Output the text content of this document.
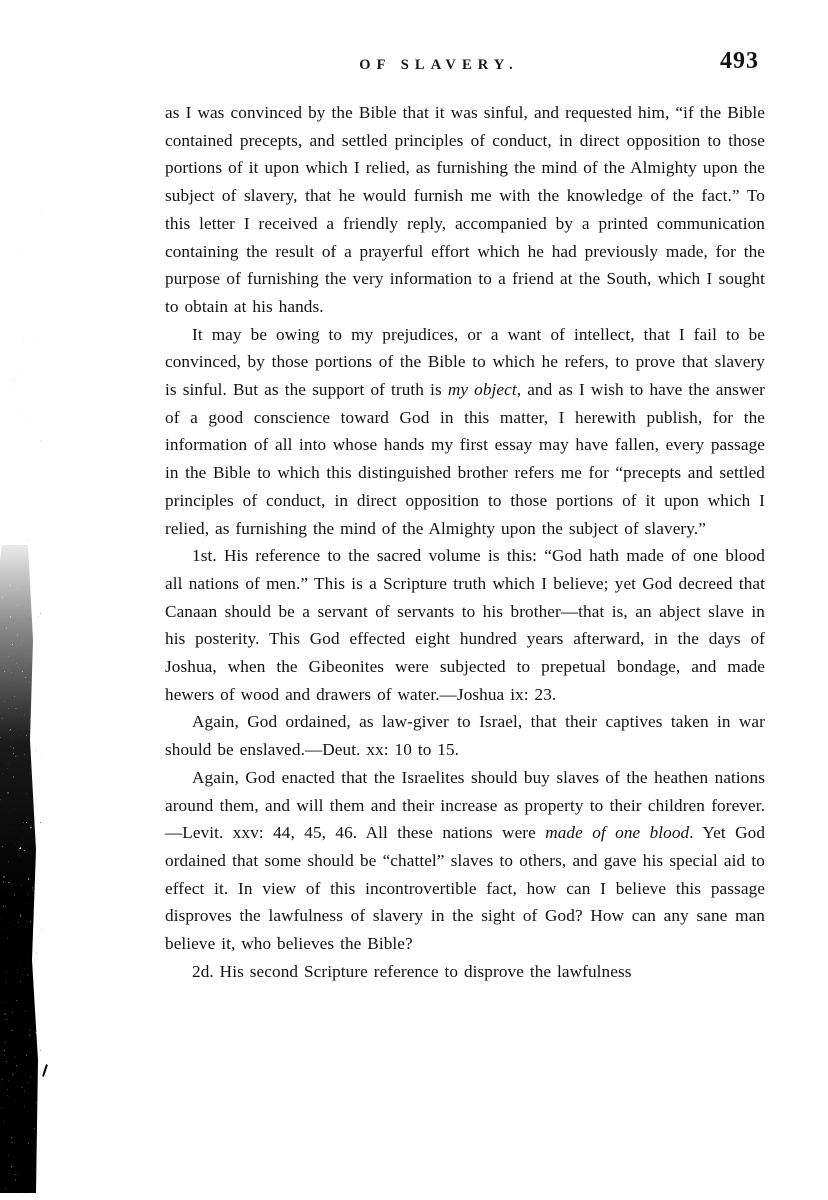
OF SLAVERY.	493

as I was convinced by the Bible that it was sinful, and requested him, “if the Bible contained precepts, and settled principles of conduct, in direct opposition to those portions of it upon which I relied, as furnishing the mind of the Almighty upon the subject of slavery, that he would furnish me with the knowledge of the fact.” To this letter I received a friendly reply, accompanied by a printed communication containing the result of a prayerful effort which he had previously made, for the purpose of furnishing the very information to a friend at the South, which I sought to obtain at his hands.

It may be owing to my prejudices, or a want of intellect, that I fail to be convinced, by those portions of the Bible to which he refers, to prove that slavery is sinful. But as the support of truth is my object, and as I wish to have the answer of a good conscience toward God in this matter, I herewith publish, for the information of all into whose hands my first essay may have fallen, every passage in the Bible to which this distinguished brother refers me for “precepts and settled principles of conduct, in direct opposition to those portions of it upon which I relied, as furnishing the mind of the Almighty upon the subject of slavery.”

1st. His reference to the sacred volume is this: “God hath made of one blood all nations of men.” This is a Scripture truth which I believe; yet God decreed that Canaan should be a servant of servants to his brother—that is, an abject slave in his posterity. This God effected eight hundred years afterward, in the days of Joshua, when the Gibeonites were subjected to prepetual bondage, and made hewers of wood and drawers of water.—Joshua ix: 23.

Again, God ordained, as law-giver to Israel, that their captives taken in war should be enslaved.—Deut. xx: 10 to 15.

Again, God enacted that the Israelites should buy slaves of the heathen nations around them, and will them and their increase as property to their children forever.—Levit. xxv: 44, 45, 46. All these nations were made of one blood. Yet God ordained that some should be “chattel” slaves to others, and gave his special aid to effect it. In view of this incontrovertible fact, how can I believe this passage disproves the lawfulness of slavery in the sight of God? How can any sane man believe it, who believes the Bible?

2d. His second Scripture reference to disprove the lawfulness
